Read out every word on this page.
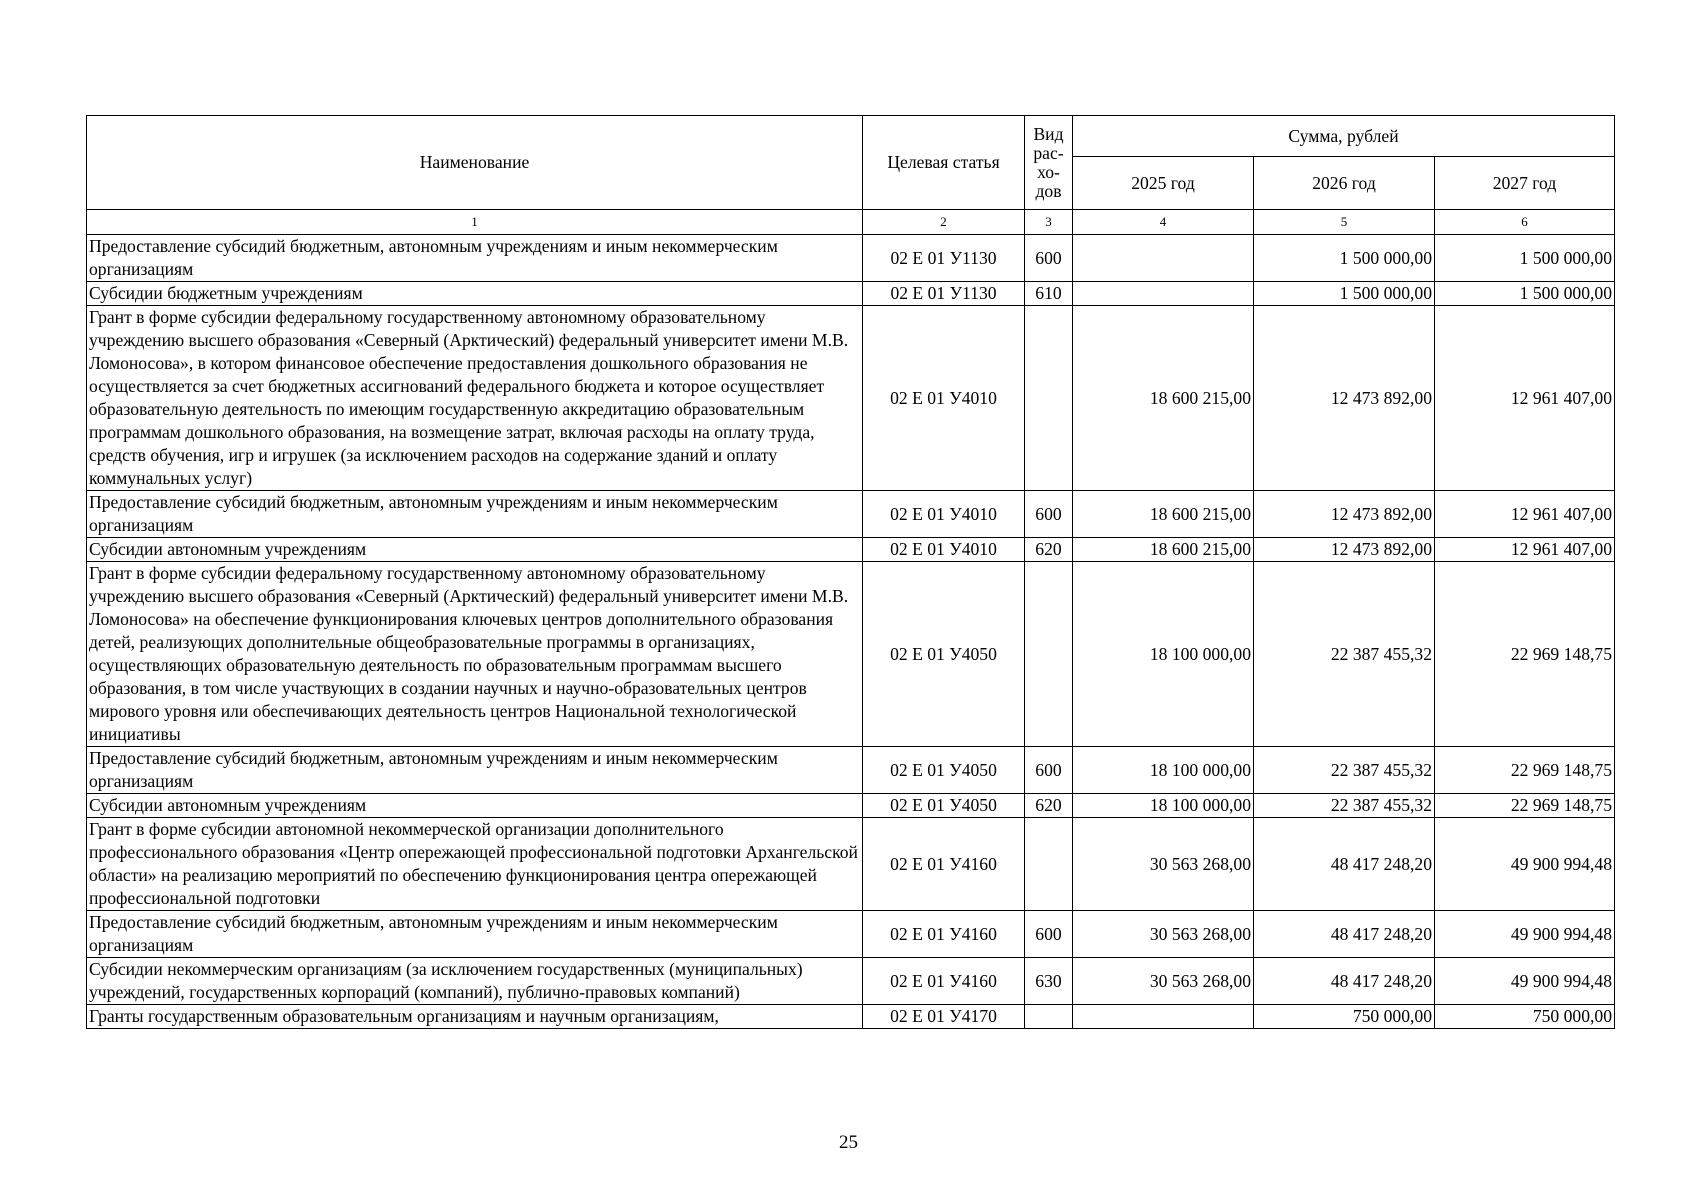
Наименование	Целевая статья	Вид
рас-
хо-
дов	Сумма, рублей		
			2025 год	2026 год	2027 год
1	2	3	4	5	6
Предоставление субсидий бюджетным, автономным учреждениям и иным некоммерческим организациям	02 Е 01 У1130	600		1 500 000,00	1 500 000,00
Субсидии бюджетным учреждениям	02 Е 01 У1130	610		1 500 000,00	1 500 000,00
Грант в форме субсидии федеральному государственному автономному образовательному учреждению высшего образования «Северный (Арктический) федеральный университет имени М.В. Ломоносова», в котором финансовое обеспечение предоставления дошкольного образования не осуществляется за счет бюджетных ассигнований федерального бюджета и которое осуществляет образовательную деятельность по имеющим государственную аккредитацию образовательным программам дошкольного образования, на возмещение затрат, включая расходы на оплату труда, средств обучения, игр и игрушек (за исключением расходов на содержание зданий и оплату коммунальных услуг)	02 Е 01 У4010		18 600 215,00	12 473 892,00	12 961 407,00
Предоставление субсидий бюджетным, автономным учреждениям и иным некоммерческим организациям	02 Е 01 У4010	600	18 600 215,00	12 473 892,00	12 961 407,00
Субсидии автономным учреждениям	02 Е 01 У4010	620	18 600 215,00	12 473 892,00	12 961 407,00
Грант в форме субсидии федеральному государственному автономному образовательному учреждению высшего образования «Северный (Арктический) федеральный университет имени М.В. Ломоносова» на обеспечение функционирования ключевых центров дополнительного образования детей, реализующих дополнительные общеобразовательные программы в организациях, осуществляющих образовательную деятельность по образовательным программам высшего образования, в том числе участвующих в создании научных и научно-образовательных центров мирового уровня или обеспечивающих деятельность центров Национальной технологической инициативы	02 Е 01 У4050		18 100 000,00	22 387 455,32	22 969 148,75
Предоставление субсидий бюджетным, автономным учреждениям и иным некоммерческим организациям	02 Е 01 У4050	600	18 100 000,00	22 387 455,32	22 969 148,75
Субсидии автономным учреждениям	02 Е 01 У4050	620	18 100 000,00	22 387 455,32	22 969 148,75
Грант в форме субсидии автономной некоммерческой организации дополнительного профессионального образования «Центр опережающей профессиональной подготовки Архангельской области» на реализацию мероприятий по обеспечению функционирования центра опережающей профессиональной подготовки	02 Е 01 У4160		30 563 268,00	48 417 248,20	49 900 994,48
Предоставление субсидий бюджетным, автономным учреждениям и иным некоммерческим организациям	02 Е 01 У4160	600	30 563 268,00	48 417 248,20	49 900 994,48
Субсидии некоммерческим организациям (за исключением государственных (муниципальных) учреждений, государственных корпораций (компаний), публично-правовых компаний)	02 Е 01 У4160	630	30 563 268,00	48 417 248,20	49 900 994,48
Гранты государственным образовательным организациям и научным организациям,	02 Е 01 У4170			750 000,00	750 000,00
25
